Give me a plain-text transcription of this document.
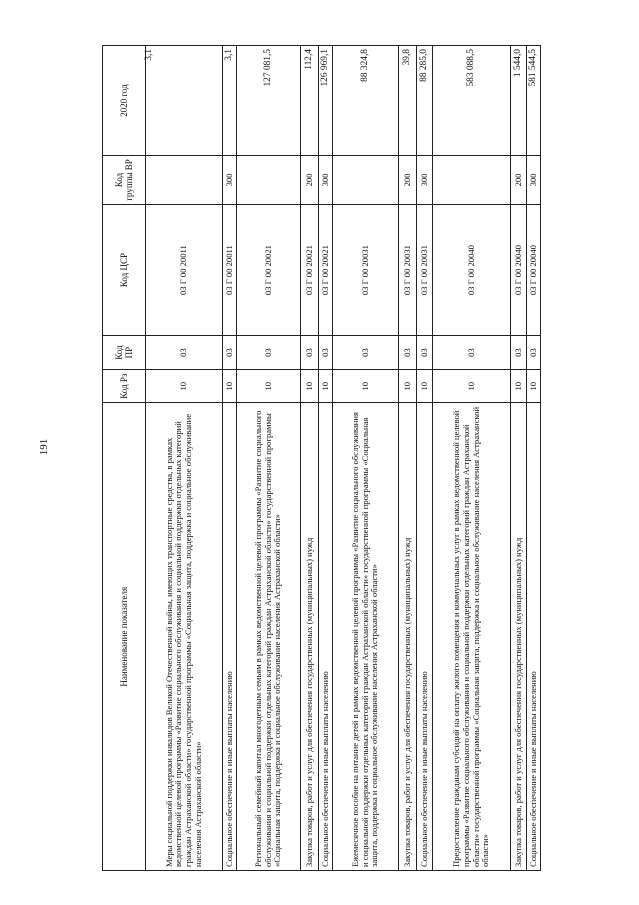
191
Наименование показателя	Код Рз	Код ПР	Код ЦСР	Код группы ВР	2020 год
Меры социальной поддержки инвалидов Великой Отечественной войны, имеющих транспортные средства, в рамках ведомственной целевой программы «Развитие социального обслуживания и социальной поддержки отдельных категорий граждан Астраханской области» государственной программы «Социальная защита, поддержка и социальное обслуживание населения Астраханской области»	10	03	03 Г 00 20011		3,1

Социальное обеспечение и иные выплаты населению	10	03	03 Г 00 20011	300	3,1
Региональный семейный капитал многодетным семьям в рамках ведомственной целевой программы «Развитие социального обслуживания и социальной поддержки отдельных категорий граждан Астраханской области» государственной программы «Социальная защита, поддержка и социальное обслуживание населения Астраханской области»	10	03	03 Г 00 20021		127 081,5
Закупка товаров, работ и услуг для обеспечения государственных (муниципальных) нужд	10	03	03 Г 00 20021	200	112,4
Социальное обеспечение и иные выплаты населению	10	03	03 Г 00 20021	300	126 969,1
Ежемесячное пособие на питание детей в рамках ведомственной целевой программы «Развитие социального обслуживания и социальной поддержки отдельных категорий граждан Астраханской области» государственной программы «Социальная защита, поддержка и социальное обслуживание населения Астраханской области»	10	03	03 Г 00 20031		88 324,8
Закупка товаров, работ и услуг для обеспечения государственных (муниципальных) нужд	10	03	03 Г 00 20031	200	39,8
Социальное обеспечение и иные выплаты населению	10	03	03 Г 00 20031	300	88 285,0
Предоставление гражданам субсидий на оплату жилого помещения и коммунальных услуг в рамках ведомственной целевой программы «Развитие социального обслуживания и социальной поддержки отдельных категорий граждан Астраханской области» государственной программы «Социальная защита, поддержка и социальное обслуживание населения Астраханской области»	10	03	03 Г 00 20040		583 088,5
Закупка товаров, работ и услуг для обеспечения государственных (муниципальных) нужд	10	03	03 Г 00 20040	200	1 544,0
Социальное обеспечение и иные выплаты населению	10	03	03 Г 00 20040	300	581 544,5
